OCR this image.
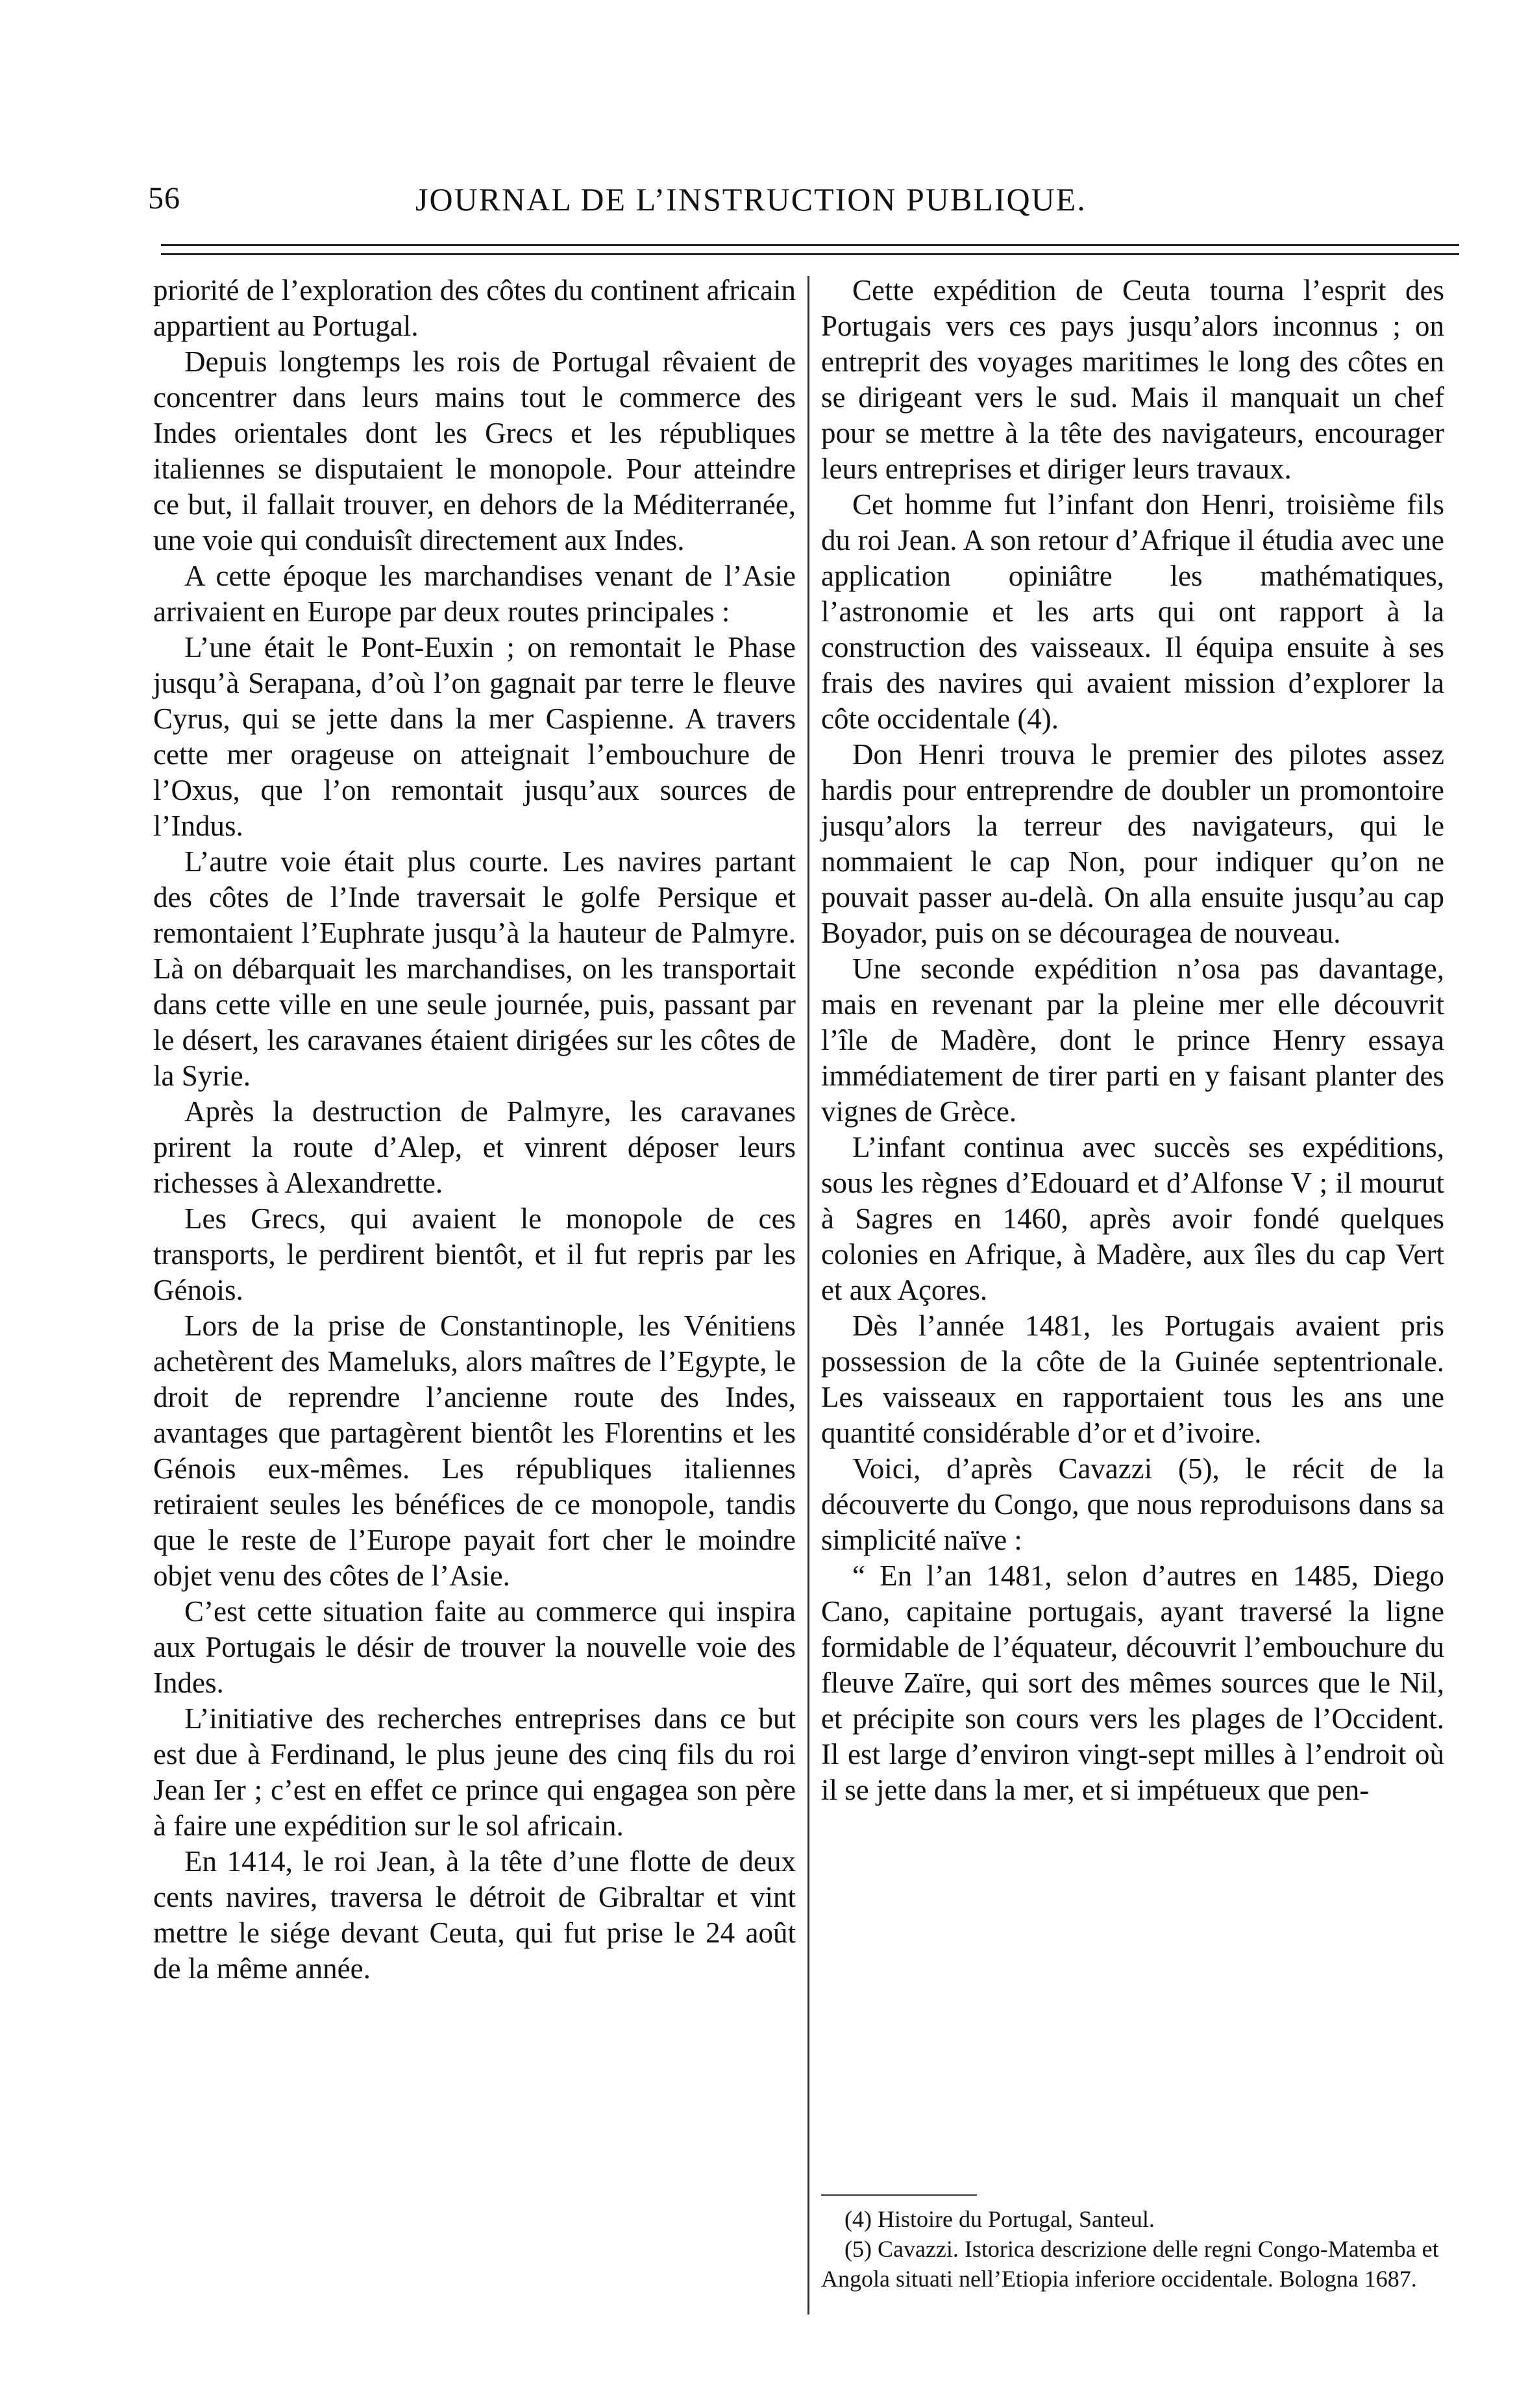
56	JOURNAL DE L’INSTRUCTION PUBLIQUE.

priorité de l’exploration des côtes du continent africain appartient au Portugal.

Depuis longtemps les rois de Portugal rêvaient de concentrer dans leurs mains tout le commerce des Indes orientales dont les Grecs et les républiques italiennes se disputaient le monopole. Pour atteindre ce but, il fallait trouver, en dehors de la Méditerranée, une voie qui conduisît directement aux Indes.

A cette époque les marchandises venant de l’Asie arrivaient en Europe par deux routes principales :

L’une était le Pont-Euxin ; on remontait le Phase jusqu’à Serapana, d’où l’on gagnait par terre le fleuve Cyrus, qui se jette dans la mer Caspienne. A travers cette mer orageuse on atteignait l’embouchure de l’Oxus, que l’on remontait jusqu’aux sources de l’Indus.

L’autre voie était plus courte. Les navires partant des côtes de l’Inde traversait le golfe Persique et remontaient l’Euphrate jusqu’à la hauteur de Palmyre. Là on débarquait les marchandises, on les transportait dans cette ville en une seule journée, puis, passant par le désert, les caravanes étaient dirigées sur les côtes de la Syrie.

Après la destruction de Palmyre, les caravanes prirent la route d’Alep, et vinrent déposer leurs richesses à Alexandrette.

Les Grecs, qui avaient le monopole de ces transports, le perdirent bientôt, et il fut repris par les Génois.

Lors de la prise de Constantinople, les Vénitiens achetèrent des Mameluks, alors maîtres de l’Egypte, le droit de reprendre l’ancienne route des Indes, avantages que partagèrent bientôt les Florentins et les Génois eux-mêmes. Les républiques italiennes retiraient seules les bénéfices de ce monopole, tandis que le reste de l’Europe payait fort cher le moindre objet venu des côtes de l’Asie.

C’est cette situation faite au commerce qui inspira aux Portugais le désir de trouver la nouvelle voie des Indes.

L’initiative des recherches entreprises dans ce but est due à Ferdinand, le plus jeune des cinq fils du roi Jean Ier ; c’est en effet ce prince qui engagea son père à faire une expédition sur le sol africain.

En 1414, le roi Jean, à la tête d’une flotte de deux cents navires, traversa le détroit de Gibraltar et vint mettre le siége devant Ceuta, qui fut prise le 24 août de la même année.

Cette expédition de Ceuta tourna l’esprit des Portugais vers ces pays jusqu’alors inconnus ; on entreprit des voyages maritimes le long des côtes en se dirigeant vers le sud. Mais il manquait un chef pour se mettre à la tête des navigateurs, encourager leurs entreprises et diriger leurs travaux.

Cet homme fut l’infant don Henri, troisième fils du roi Jean. A son retour d’Afrique il étudia avec une application opiniâtre les mathématiques, l’astronomie et les arts qui ont rapport à la construction des vaisseaux. Il équipa ensuite à ses frais des navires qui avaient mission d’explorer la côte occidentale (4).

Don Henri trouva le premier des pilotes assez hardis pour entreprendre de doubler un promontoire jusqu’alors la terreur des navigateurs, qui le nommaient le cap Non, pour indiquer qu’on ne pouvait passer au-delà. On alla ensuite jusqu’au cap Boyador, puis on se découragea de nouveau.

Une seconde expédition n’osa pas davantage, mais en revenant par la pleine mer elle découvrit l’île de Madère, dont le prince Henry essaya immédiatement de tirer parti en y faisant planter des vignes de Grèce.

L’infant continua avec succès ses expéditions, sous les règnes d’Edouard et d’Alfonse V ; il mourut à Sagres en 1460, après avoir fondé quelques colonies en Afrique, à Madère, aux îles du cap Vert et aux Açores.

Dès l’année 1481, les Portugais avaient pris possession de la côte de la Guinée septentrionale. Les vaisseaux en rapportaient tous les ans une quantité considérable d’or et d’ivoire.

Voici, d’après Cavazzi (5), le récit de la découverte du Congo, que nous reproduisons dans sa simplicité naïve :

“ En l’an 1481, selon d’autres en 1485, Diego Cano, capitaine portugais, ayant traversé la ligne formidable de l’équateur, découvrit l’embouchure du fleuve Zaïre, qui sort des mêmes sources que le Nil, et précipite son cours vers les plages de l’Occident. Il est large d’environ vingt-sept milles à l’endroit où il se jette dans la mer, et si impétueux que pen-

(4) Histoire du Portugal, Santeul.

(5) Cavazzi. Istorica descrizione delle regni Congo-Matemba et Angola situati nell’Etiopia inferiore occidentale. Bologna 1687.
